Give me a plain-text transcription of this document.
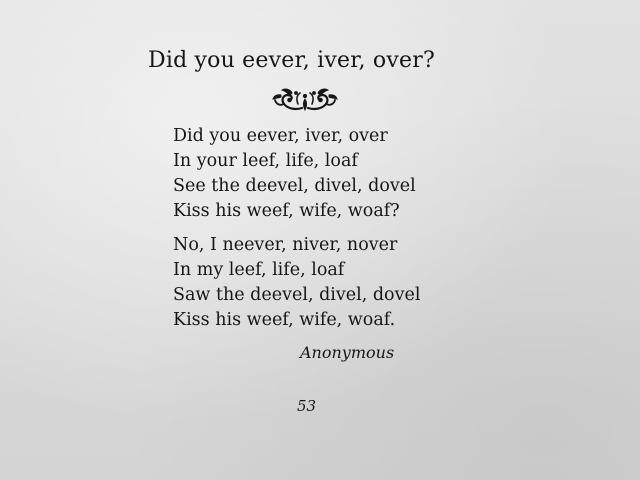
Did you eever, iver, over?
Did you eever, iver, over
In your leef, life, loaf
See the deevel, divel, dovel
Kiss his weef, wife, woaf?
No, I neever, niver, nover
In my leef, life, loaf
Saw the deevel, divel, dovel
Kiss his weef, wife, woaf.
Anonymous
53
